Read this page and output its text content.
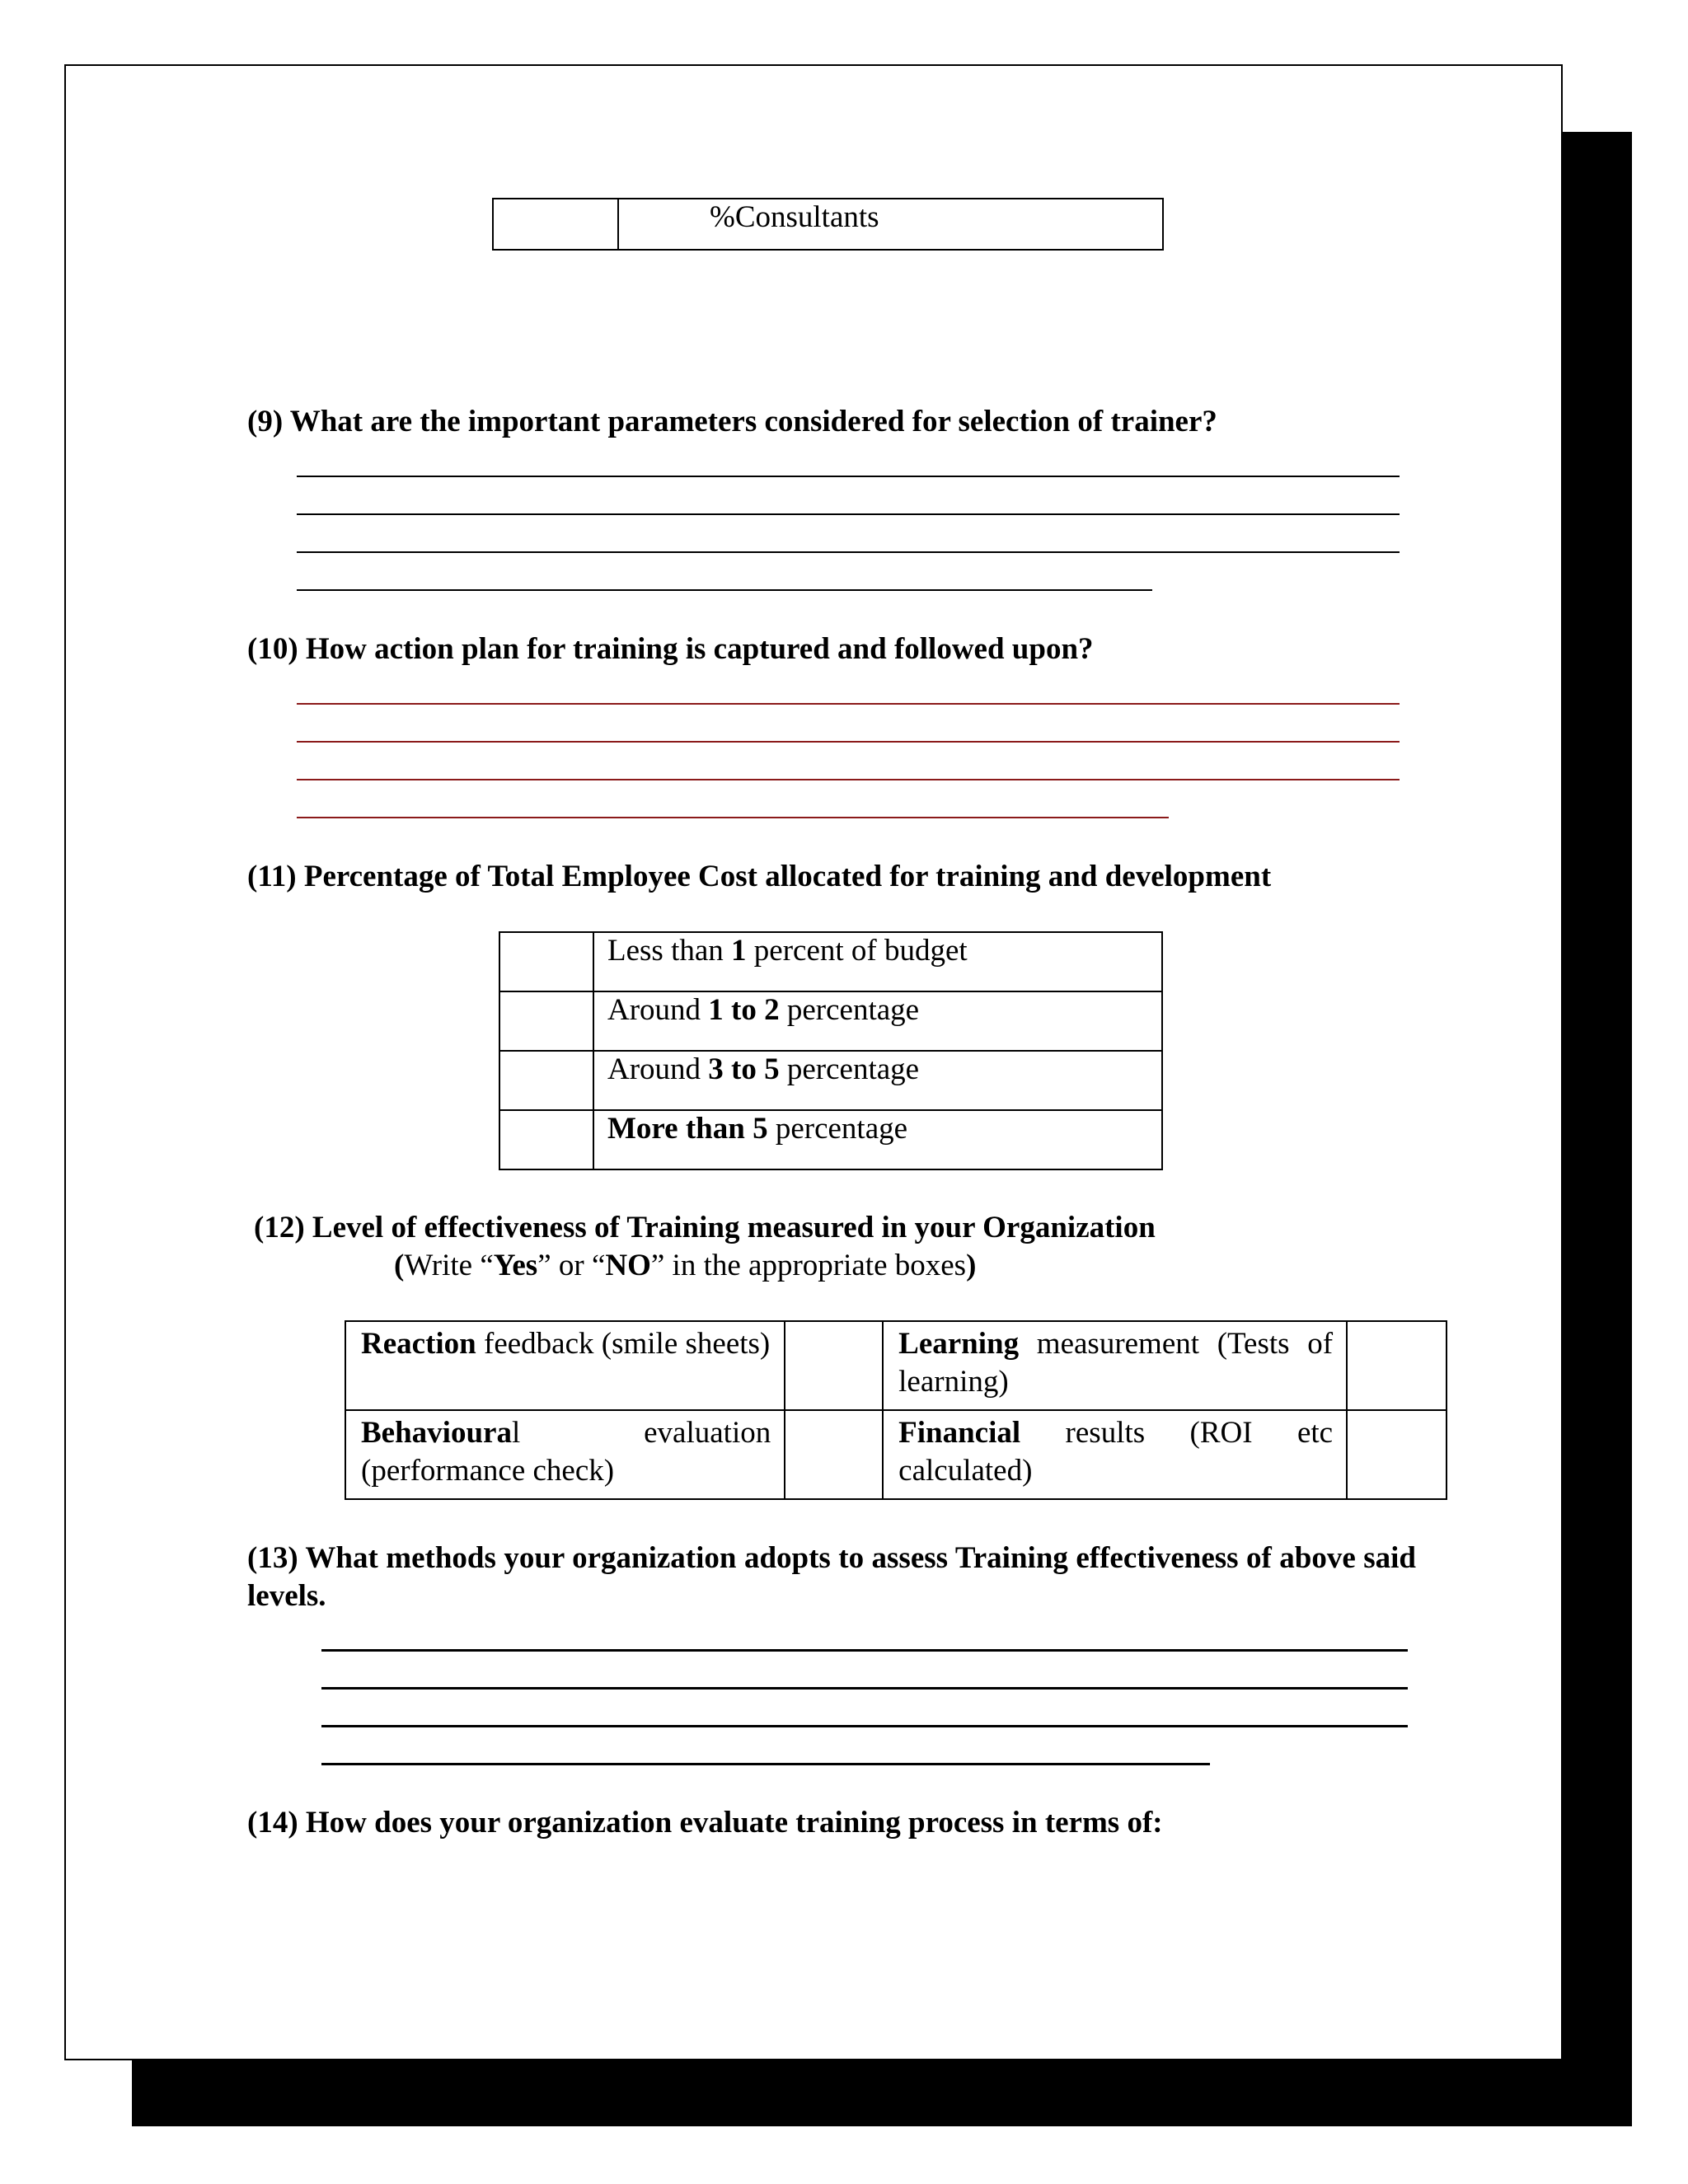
	%Consultants
(9) What are the important parameters considered for selection of trainer?
(10) How action plan for training is captured and followed upon?
(11) Percentage of Total Employee Cost allocated for training and development
	Less than 1 percent of budget
	Around 1 to 2 percentage
	Around 3 to 5 percentage
	More than 5 percentage
(12) Level of effectiveness of Training measured in your Organization
(Write “Yes” or “NO” in the appropriate boxes)
Reaction feedback (smile sheets)		Learning measurement (Tests of learning)	
Behavioural evaluation (performance check)		Financial results (ROI etc calculated)	
(13) What methods your organization adopts to assess Training effectiveness of above said levels.
(14) How does your organization evaluate training process in terms of:
